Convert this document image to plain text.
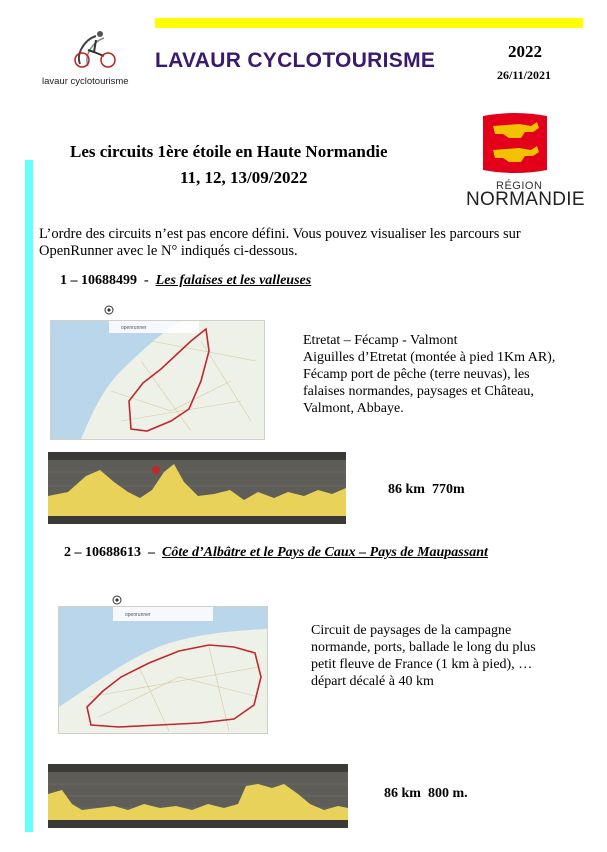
lavaur cyclotourisme
LAVAUR CYCLOTOURISME	2022
26/11/2021
Les circuits 1ère étoile en Haute Normandie
11, 12, 13/09/2022	RÉGION
NORMANDIE
L’ordre des circuits n’est pas encore défini. Vous pouvez visualiser les parcours sur OpenRunner avec le N° indiqués ci-dessous.
1 – 10688499 - Les falaises et les valleuses
openrunner
Etretat – Fécamp - Valmont
Aiguilles d’Etretat (montée à pied 1Km AR),
Fécamp port de pêche (terre neuvas), les
falaises normandes, paysages et Château,
Valmont, Abbaye.
86 km 770m
2 – 10688613 – Côte d’Albâtre et le Pays de Caux – Pays de Maupassant
openrunner
Circuit de paysages de la campagne
normande, ports, ballade le long du plus
petit fleuve de France (1 km à pied), …
départ décalé à 40 km
86 km 800 m.
